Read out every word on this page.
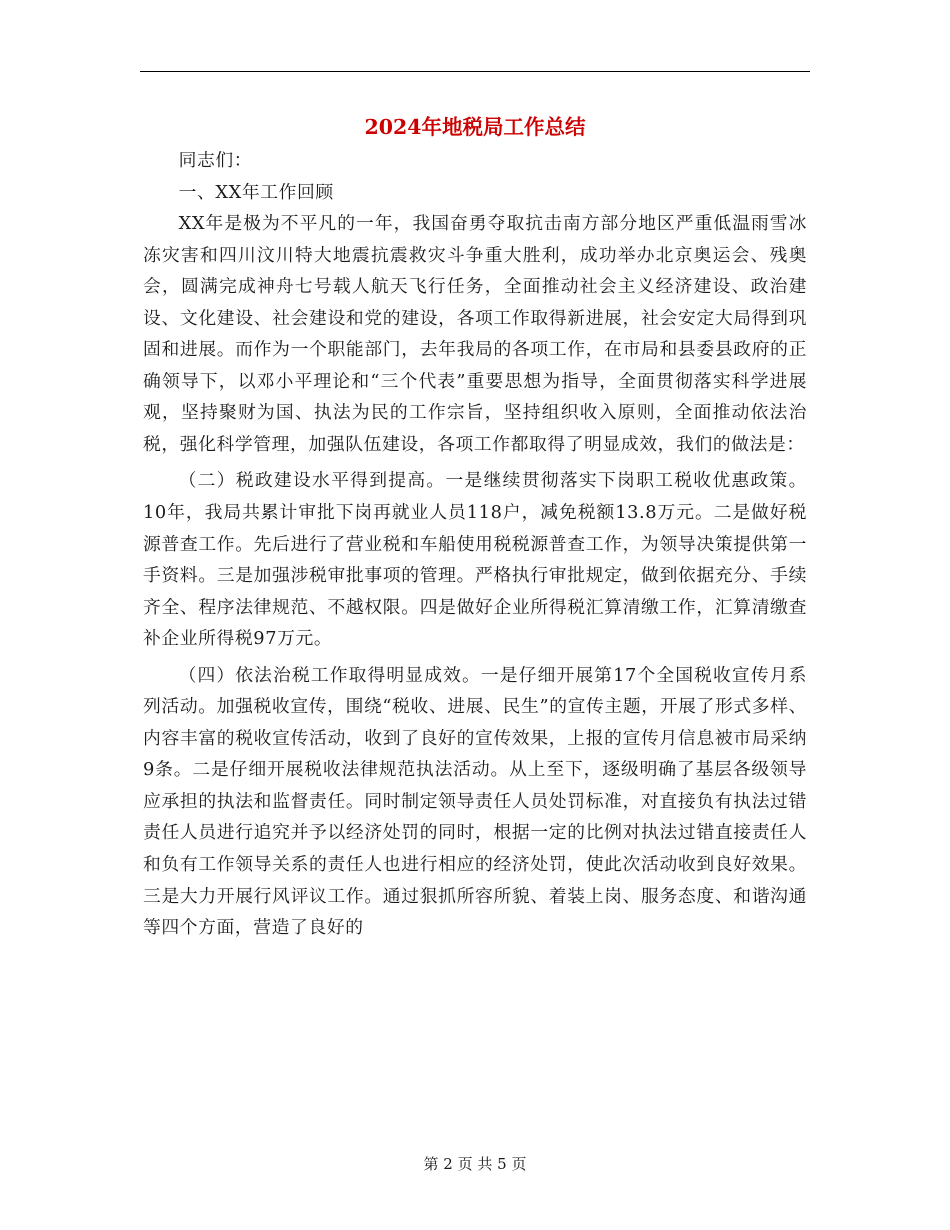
2024年地税局工作总结

同志们：

一、XX年工作回顾

XX年是极为不平凡的一年，我国奋勇夺取抗击南方部分地区严重低温雨雪冰冻灾害和四川汶川特大地震抗震救灾斗争重大胜利，成功举办北京奥运会、残奥会，圆满完成神舟七号载人航天飞行任务，全面推动社会主义经济建设、政治建设、文化建设、社会建设和党的建设，各项工作取得新进展，社会安定大局得到巩固和进展。而作为一个职能部门，去年我局的各项工作，在市局和县委县政府的正确领导下，以邓小平理论和“三个代表”重要思想为指导，全面贯彻落实科学进展观，坚持聚财为国、执法为民的工作宗旨，坚持组织收入原则，全面推动依法治税，强化科学管理，加强队伍建设，各项工作都取得了明显成效，我们的做法是：

（二）税政建设水平得到提高。一是继续贯彻落实下岗职工税收优惠政策。10年，我局共累计审批下岗再就业人员118户，减免税额13.8万元。二是做好税源普查工作。先后进行了营业税和车船使用税税源普查工作，为领导决策提供第一手资料。三是加强涉税审批事项的管理。严格执行审批规定，做到依据充分、手续齐全、程序法律规范、不越权限。四是做好企业所得税汇算清缴工作，汇算清缴查补企业所得税97万元。

（四）依法治税工作取得明显成效。一是仔细开展第17个全国税收宣传月系列活动。加强税收宣传，围绕“税收、进展、民生”的宣传主题，开展了形式多样、内容丰富的税收宣传活动，收到了良好的宣传效果，上报的宣传月信息被市局采纳9条。二是仔细开展税收法律规范执法活动。从上至下，逐级明确了基层各级领导应承担的执法和监督责任。同时制定领导责任人员处罚标准，对直接负有执法过错责任人员进行追究并予以经济处罚的同时，根据一定的比例对执法过错直接责任人和负有工作领导关系的责任人也进行相应的经济处罚，使此次活动收到良好效果。三是大力开展行风评议工作。通过狠抓所容所貌、着装上岗、服务态度、和谐沟通等四个方面，营造了良好的

第 2 页 共 5 页
